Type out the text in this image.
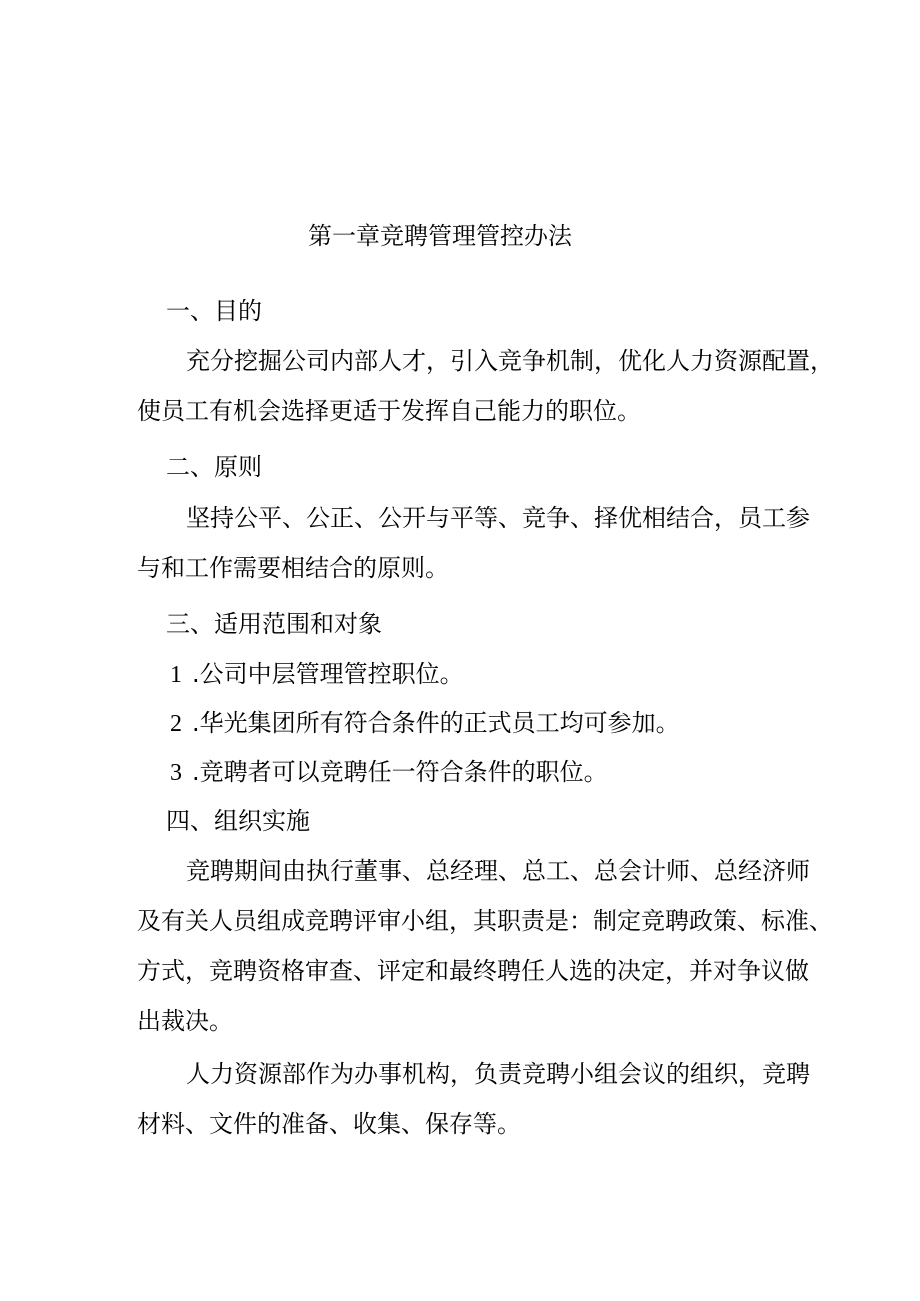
第一章竞聘管理管控办法
一、目的
充分挖掘公司内部人才，引入竞争机制，优化人力资源配置，
使员工有机会选择更适于发挥自己能力的职位。
二、原则
坚持公平、公正、公开与平等、竞争、择优相结合，员工参
与和工作需要相结合的原则。
三、适用范围和对象
1 .公司中层管理管控职位。
2 .华光集团所有符合条件的正式员工均可参加。
3 .竞聘者可以竞聘任一符合条件的职位。
四、组织实施
竞聘期间由执行董事、总经理、总工、总会计师、总经济师
及有关人员组成竞聘评审小组，其职责是：制定竞聘政策、标准、
方式，竞聘资格审查、评定和最终聘任人选的决定，并对争议做
出裁决。
人力资源部作为办事机构，负责竞聘小组会议的组织，竞聘
材料、文件的准备、收集、保存等。
